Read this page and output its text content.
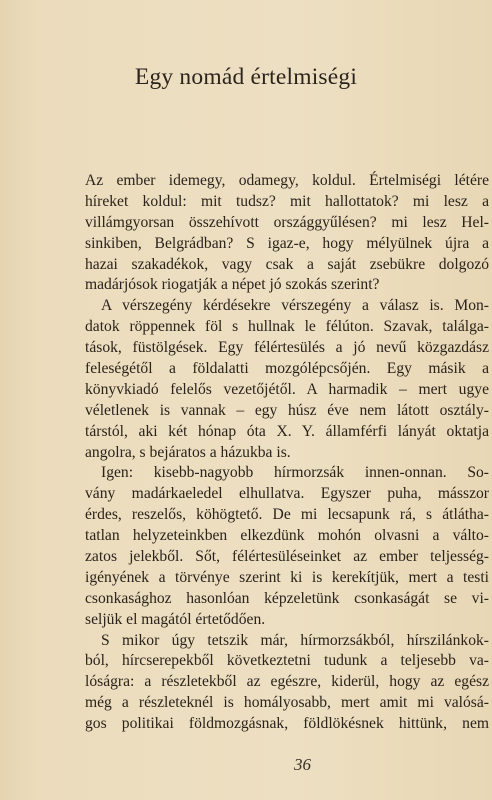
Egy nomád értelmiségi
Az ember idemegy, odamegy, koldul. Értelmiségi létére
híreket koldul: mit tudsz? mit hallottatok? mi lesz a
villámgyorsan összehívott országgyűlésen? mi lesz Hel-
sinkiben, Belgrádban? S igaz-e, hogy mélyülnek újra a
hazai szakadékok, vagy csak a saját zsebükre dolgozó
madárjósok riogatják a népet jó szokás szerint?
A vérszegény kérdésekre vérszegény a válasz is. Mon-
datok röppennek föl s hullnak le félúton. Szavak, találga-
tások, füstölgések. Egy félértesülés a jó nevű közgazdász
feleségétől a földalatti mozgólépcsőjén. Egy másik a
könyvkiadó felelős vezetőjétől. A harmadik – mert ugye
véletlenek is vannak – egy húsz éve nem látott osztály-
társtól, aki két hónap óta X. Y. államférfi lányát oktatja
angolra, s bejáratos a házukba is.
Igen: kisebb-nagyobb hírmorzsák innen-onnan. So-
vány madárkaeledel elhullatva. Egyszer puha, másszor
érdes, reszelős, köhögtető. De mi lecsapunk rá, s átlátha-
tatlan helyzeteinkben elkezdünk mohón olvasni a válto-
zatos jelekből. Sőt, félértesüléseinket az ember teljesség-
igényének a törvénye szerint ki is kerekítjük, mert a testi
csonkasághoz hasonlóan képzeletünk csonkaságát se vi-
seljük el magától értetődően.
S mikor úgy tetszik már, hírmorzsákból, hírszilánkok-
ból, hírcserepekből következtetni tudunk a teljesebb va-
lóságra: a részletekből az egészre, kiderül, hogy az egész
még a részleteknél is homályosabb, mert amit mi valósá-
gos politikai földmozgásnak, földlökésnek hittünk, nem
36
